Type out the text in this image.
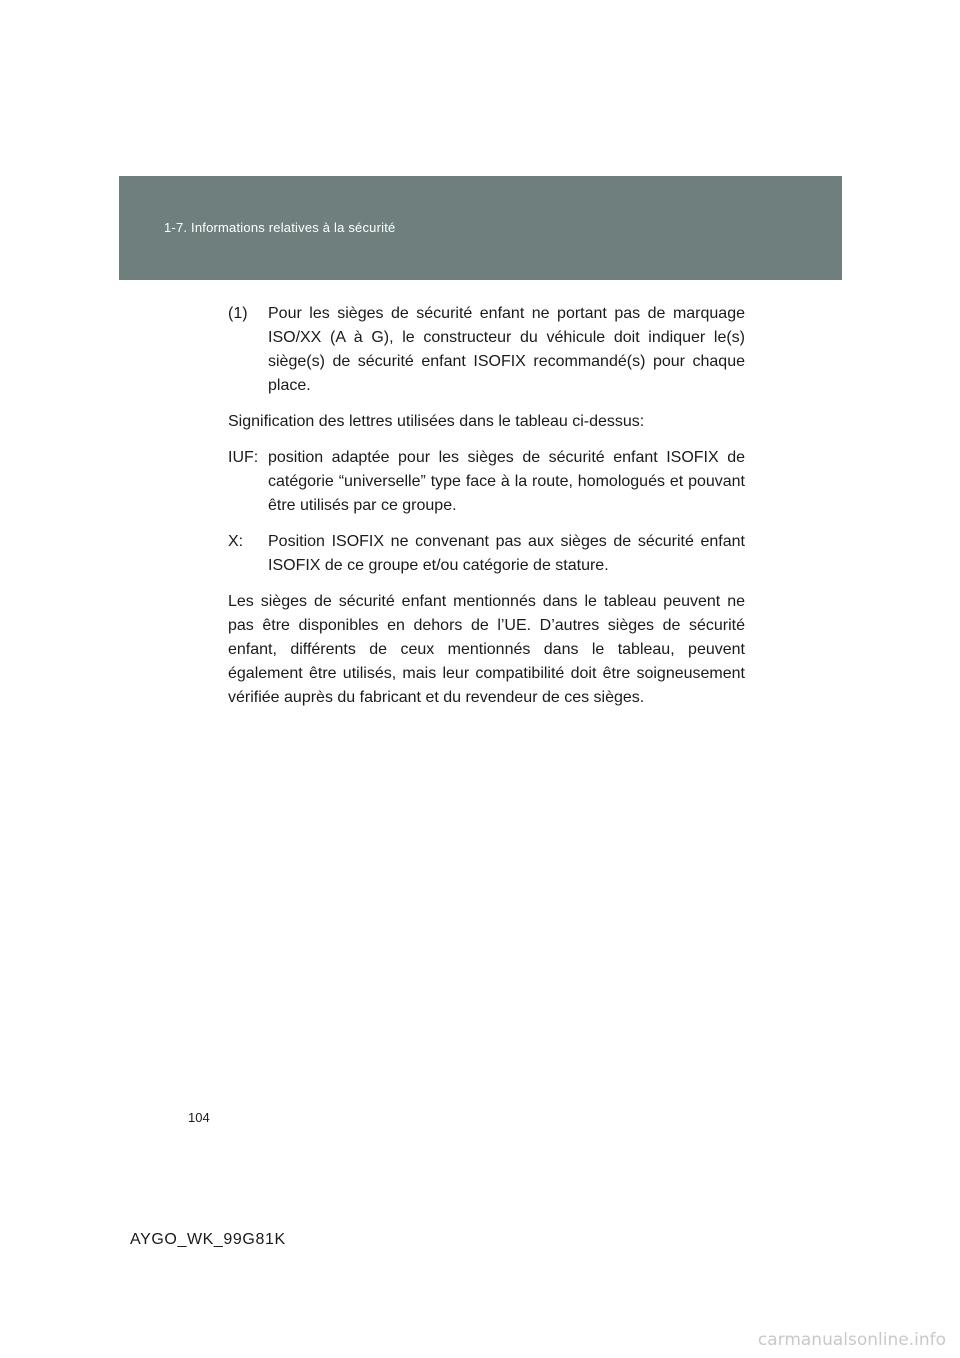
1-7. Informations relatives à la sécurité
(1)	Pour les sièges de sécurité enfant ne portant pas de marquage ISO/XX (A à G), le constructeur du véhicule doit indiquer le(s) siège(s) de sécurité enfant ISOFIX recommandé(s) pour chaque place.

Signification des lettres utilisées dans le tableau ci-dessus:

IUF: position adaptée pour les sièges de sécurité enfant ISOFIX de catégorie “universelle” type face à la route, homologués et pouvant être utilisés par ce groupe.
X:	Position ISOFIX ne convenant pas aux sièges de sécurité enfant ISOFIX de ce groupe et/ou catégorie de stature.

Les sièges de sécurité enfant mentionnés dans le tableau peuvent ne pas être disponibles en dehors de l’UE. D’autres sièges de sécurité enfant, différents de ceux mentionnés dans le tableau, peuvent également être utilisés, mais leur compatibilité doit être soigneusement vérifiée auprès du fabricant et du revendeur de ces sièges.

104
AYGO_WK_99G81K
carmanualsonline.info
